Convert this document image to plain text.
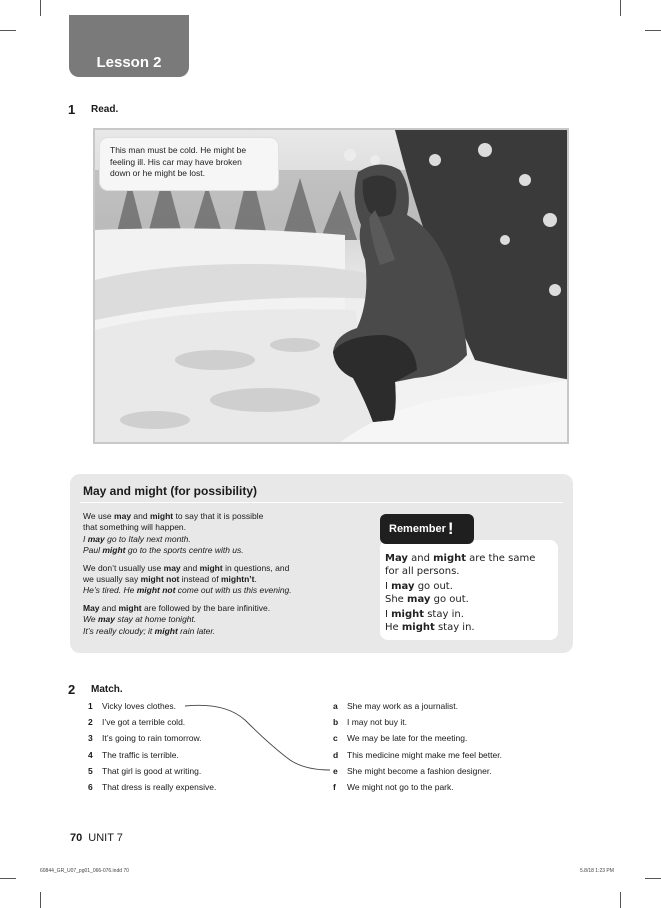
Lesson 2
1 Read.
This man must be cold. He might be
feeling ill. His car may have broken
down or he might be lost.
May and might (for possibility)

We use may and might to say that it is possible
that something will happen.
I may go to Italy next month.
Paul might go to the sports centre with us.

We don’t usually use may and might in questions, and
we usually say might not instead of mightn’t.
He’s tired. He might not come out with us this evening.

May and might are followed by the bare infinitive.
We may stay at home tonight.
It’s really cloudy; it might rain later.

May and might are the same
for all persons.

I may go out.
She may go out.

I might stay in.
He might stay in.

Remember !
2 Match.
1	Vicky loves clothes.
2	I’ve got a terrible cold.
3	It’s going to rain tomorrow.
4	The traffic is terrible.
5	That girl is good at writing.
6	That dress is really expensive.
a	She may work as a journalist.
b	I may not buy it.
c	We may be late for the meeting.
d	This medicine might make me feel better.
e	She might become a fashion designer.
f	We might not go to the park.
70 UNIT 7
60844_GR_U07_pg01_066-076.indd 70	5.8/18 1:23 PM
